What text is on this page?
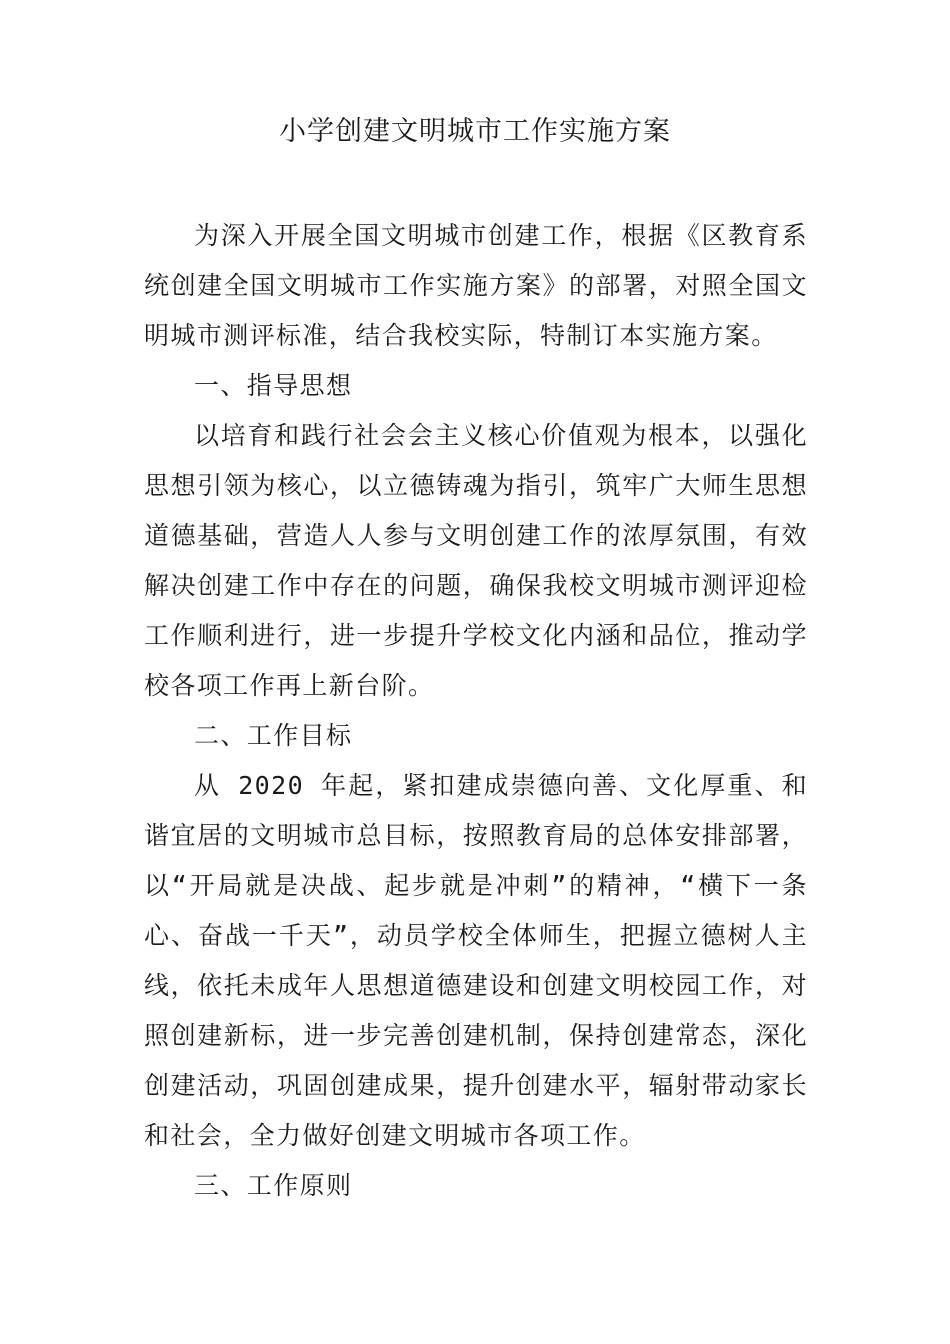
小学创建文明城市工作实施方案

为深入开展全国文明城市创建工作，根据《区教育系统创建全国文明城市工作实施方案》的部署，对照全国文明城市测评标准，结合我校实际，特制订本实施方案。

一、指导思想

以培育和践行社会会主义核心价值观为根本，以强化思想引领为核心，以立德铸魂为指引，筑牢广大师生思想道德基础，营造人人参与文明创建工作的浓厚氛围，有效解决创建工作中存在的问题，确保我校文明城市测评迎检工作顺利进行，进一步提升学校文化内涵和品位，推动学校各项工作再上新台阶。

二、工作目标

从 2020 年起，紧扣建成崇德向善、文化厚重、和谐宜居的文明城市总目标，按照教育局的总体安排部署，以“开局就是决战、起步就是冲刺”的精神，“横下一条心、奋战一千天”，动员学校全体师生，把握立德树人主线，依托未成年人思想道德建设和创建文明校园工作，对照创建新标，进一步完善创建机制，保持创建常态，深化创建活动，巩固创建成果，提升创建水平，辐射带动家长和社会，全力做好创建文明城市各项工作。

三、工作原则
